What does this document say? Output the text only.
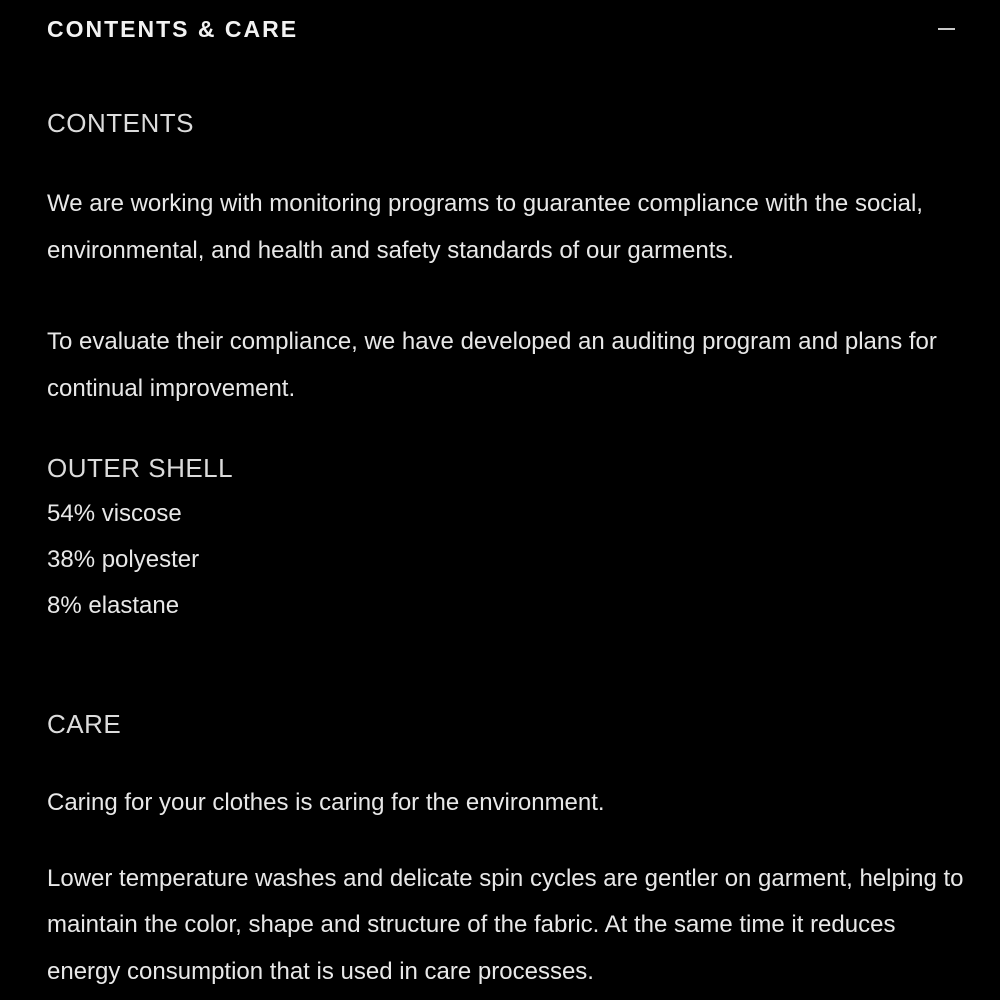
CONTENTS & CARE
CONTENTS

We are working with monitoring programs to guarantee compliance with the social, environmental, and health and safety standards of our garments.

To evaluate their compliance, we have developed an auditing program and plans for continual improvement.

OUTER SHELL
54% viscose
38% polyester
8% elastane
CARE

Caring for your clothes is caring for the environment.

Lower temperature washes and delicate spin cycles are gentler on garment, helping to maintain the color, shape and structure of the fabric. At the same time it reduces energy consumption that is used in care processes.
